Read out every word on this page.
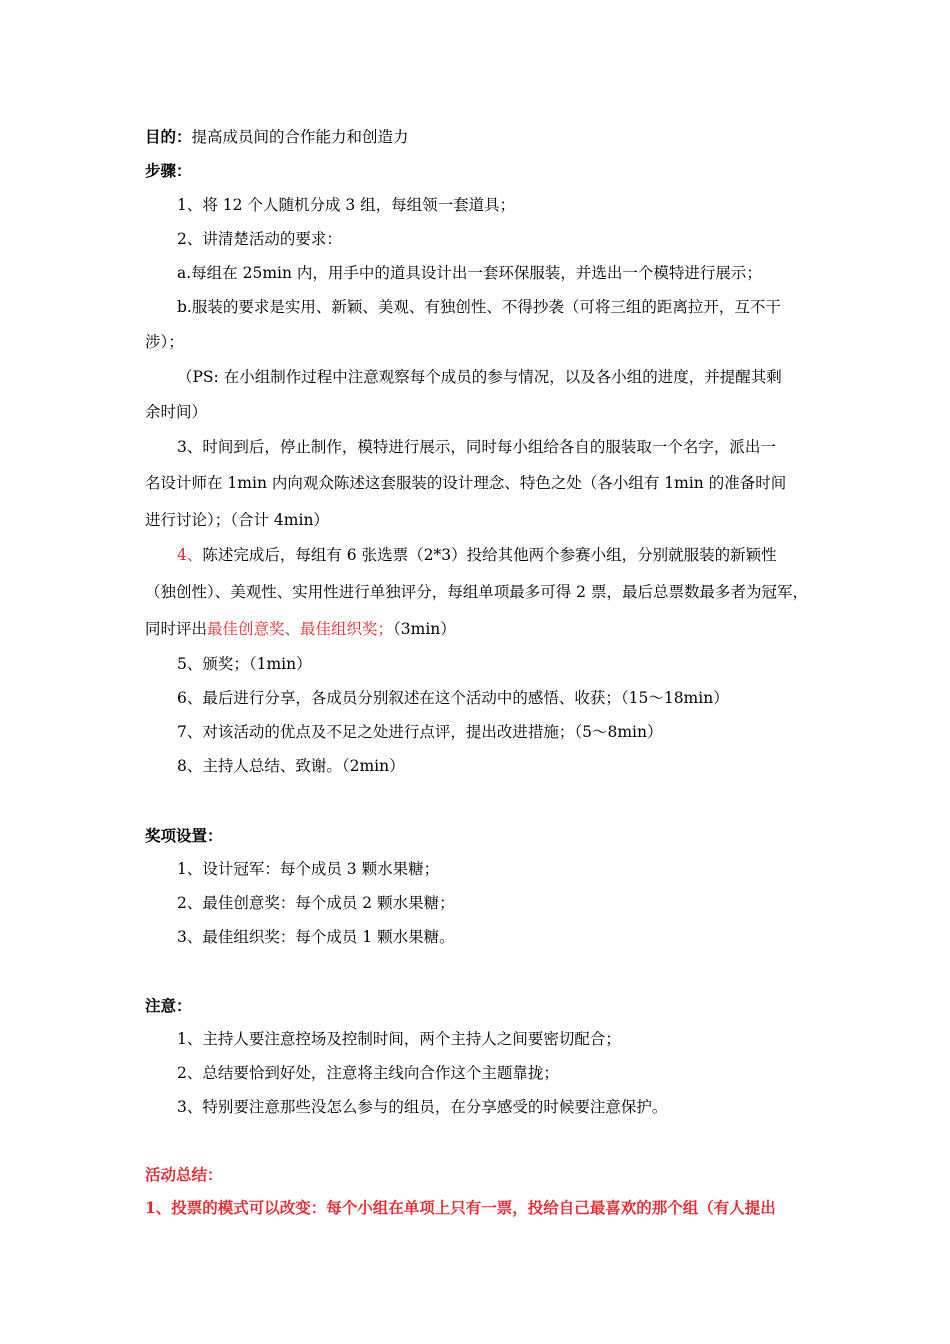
目的：提高成员间的合作能力和创造力
步骤：
1、将 12 个人随机分成 3 组，每组领一套道具；
2、讲清楚活动的要求：
a.每组在 25min 内，用手中的道具设计出一套环保服装，并选出一个模特进行展示；
b.服装的要求是实用、新颖、美观、有独创性、不得抄袭（可将三组的距离拉开，互不干
涉）；
（PS: 在小组制作过程中注意观察每个成员的参与情况，以及各小组的进度，并提醒其剩
余时间）
3、时间到后，停止制作，模特进行展示，同时每小组给各自的服装取一个名字，派出一
名设计师在 1min 内向观众陈述这套服装的设计理念、特色之处（各小组有 1min 的准备时间
进行讨论）；（合计 4min）
4、陈述完成后，每组有 6 张选票（2*3）投给其他两个参赛小组，分别就服装的新颖性
（独创性）、美观性、实用性进行单独评分，每组单项最多可得 2 票，最后总票数最多者为冠军，
同时评出最佳创意奖、最佳组织奖；（3min）
5、颁奖；（1min）
6、最后进行分享，各成员分别叙述在这个活动中的感悟、收获；（15～18min）
7、对该活动的优点及不足之处进行点评，提出改进措施；（5～8min）
8、主持人总结、致谢。（2min）
奖项设置：
1、设计冠军：每个成员 3 颗水果糖；
2、最佳创意奖：每个成员 2 颗水果糖；
3、最佳组织奖：每个成员 1 颗水果糖。
注意：
1、主持人要注意控场及控制时间，两个主持人之间要密切配合；
2、总结要恰到好处，注意将主线向合作这个主题靠拢；
3、特别要注意那些没怎么参与的组员，在分享感受的时候要注意保护。
活动总结：
1、投票的模式可以改变：每个小组在单项上只有一票，投给自己最喜欢的那个组（有人提出
